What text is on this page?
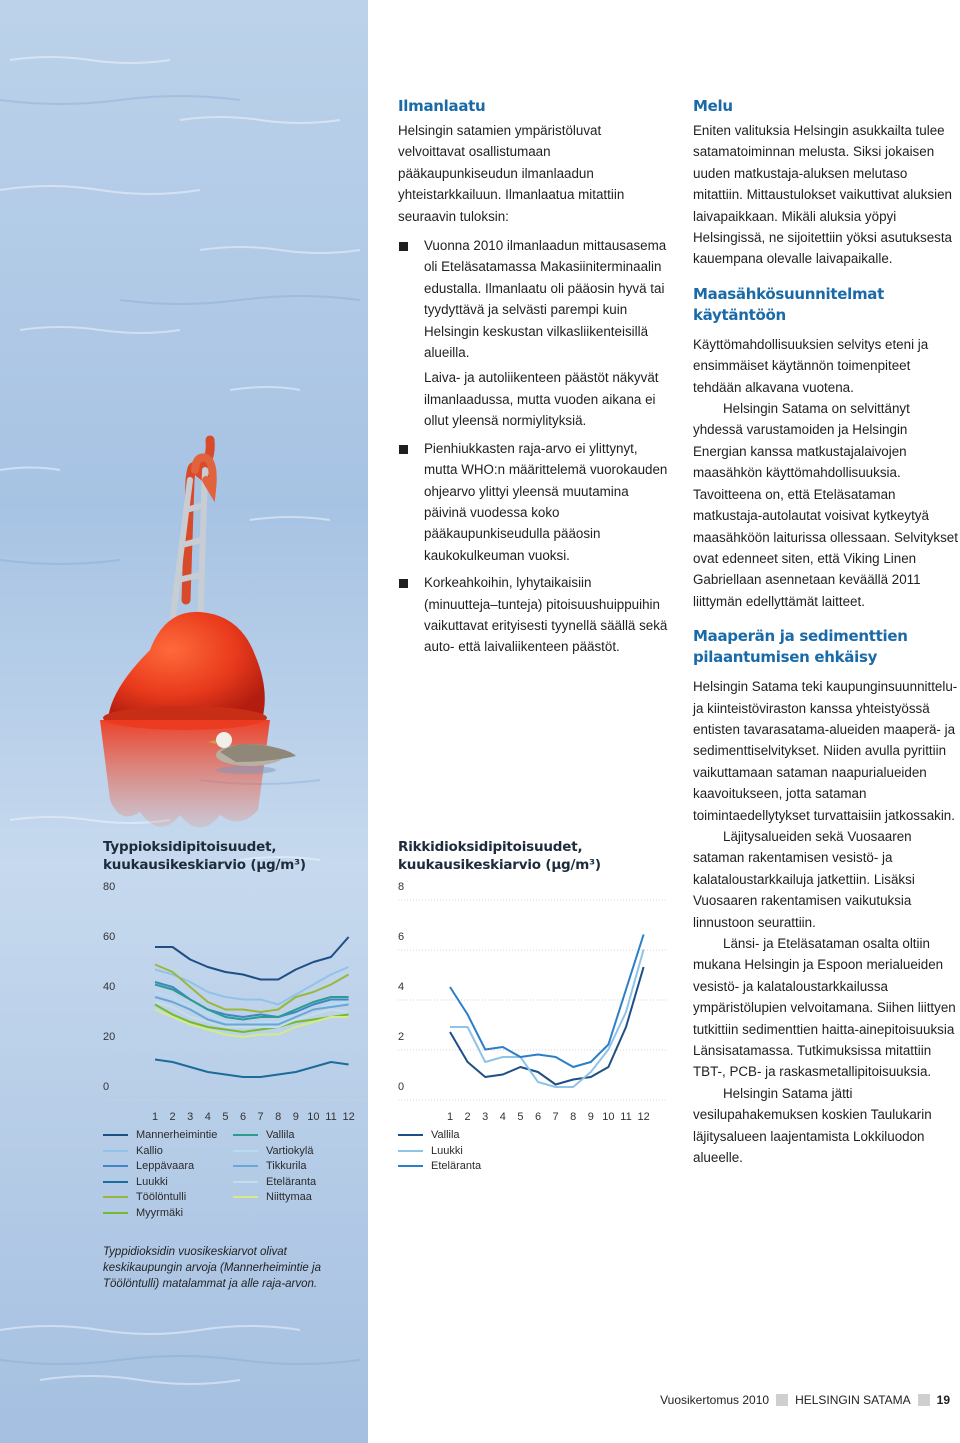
Typpioksidipitoisuudet,
kuukausikeskiarvio (µg/m³)
0
20
40
60
80
1 2 3 4 5 6 7 8 9 10 11 12
Mannerheimintie
Kallio
Leppävaara
Luukki
Töölöntulli
Myyrmäki
Vallila
Vartiokylä
Tikkurila
Eteläranta
Niittymaa
Typpidioksidin vuosikeskiarvot olivat keskikaupungin arvoja (Mannerheimintie ja Töölöntulli) matalammat ja alle raja-arvon.
Rikkidioksidipitoisuudet,
kuukausikeskiarvio (µg/m³)
0
2
4
6
8
1 2 3 4 5 6 7 8 9 10 11 12
Vallila
Luukki
Eteläranta
Ilmanlaatu

Helsingin satamien ympäristöluvat velvoittavat osallistumaan pääkaupunkiseudun ilmanlaadun yhteistarkkailuun. Ilmanlaatua mitattiin seuraavin tuloksin:

Vuonna 2010 ilmanlaadun mittausasema oli Eteläsatamassa Makasiiniterminaalin edustalla. Ilmanlaatu oli pääosin hyvä tai tyydyttävä ja selvästi parempi kuin Helsingin keskustan vilkasliikenteisillä alueilla.
Laiva- ja autoliikenteen päästöt näkyvät ilmanlaadussa, mutta vuoden aikana ei ollut yleensä normiylityksiä.
Pienhiukkasten raja-arvo ei ylittynyt, mutta WHO:n määrittelemä vuorokauden ohjearvo ylittyi yleensä muutamina päivinä vuodessa koko pääkaupunkiseudulla pääosin kaukokulkeuman vuoksi.
Korkeahkoihin, lyhytaikaisiin (minuutteja–tunteja) pitoisuushuippuihin vaikuttavat erityisesti tyynellä säällä sekä auto- että laivaliikenteen päästöt.
Melu

Eniten valituksia Helsingin asukkailta tulee satamatoiminnan melusta. Siksi jokaisen uuden matkustaja-aluksen melutaso mitattiin. Mittaustulokset vaikuttivat aluksien laivapaikkaan. Mikäli aluksia yöpyi Helsingissä, ne sijoitettiin yöksi asutuksesta kauempana olevalle laivapaikalle.

Maasähkösuunnitelmat käytäntöön

Käyttömahdollisuuksien selvitys eteni ja ensimmäiset käytännön toimenpiteet tehdään alkavana vuotena.

Helsingin Satama on selvittänyt yhdessä varustamoiden ja Helsingin Energian kanssa matkustajalaivojen maasähkön käyttömahdollisuuksia. Tavoitteena on, että Eteläsataman matkustaja-autolautat voisivat kytkeytyä maasähköön laiturissa ollessaan. Selvitykset ovat edenneet siten, että Viking Linen Gabriellaan asennetaan keväällä 2011 liittymän edellyttämät laitteet.

Maaperän ja sedimenttien pilaantumisen ehkäisy

Helsingin Satama teki kaupunginsuunnittelu- ja kiinteistöviraston kanssa yhteistyössä entisten tavarasatama-alueiden maaperä- ja sedimenttiselvitykset. Niiden avulla pyrittiin vaikuttamaan sataman naapurialueiden kaavoitukseen, jotta sataman toimintaedellytykset turvattaisiin jatkossakin.

Läjitysalueiden sekä Vuosaaren sataman rakentamisen vesistö- ja kalataloustarkkailuja jatkettiin. Lisäksi Vuosaaren rakentamisen vaikutuksia linnustoon seurattiin.

Länsi- ja Eteläsataman osalta oltiin mukana Helsingin ja Espoon merialueiden vesistö- ja kalataloustarkkailussa ympäristölupien velvoitamana. Siihen liittyen tutkittiin sedimenttien haitta-ainepitoisuuksia Länsisatamassa. Tutkimuksissa mitattiin TBT-, PCB- ja raskasmetallipitoisuuksia.

Helsingin Satama jätti vesilupahakemuksen koskien Taulukarin läjitysalueen laajentamista Lokkiluodon alueelle.

Vuosikertomus 2010 HELSINGIN SATAMA 19
